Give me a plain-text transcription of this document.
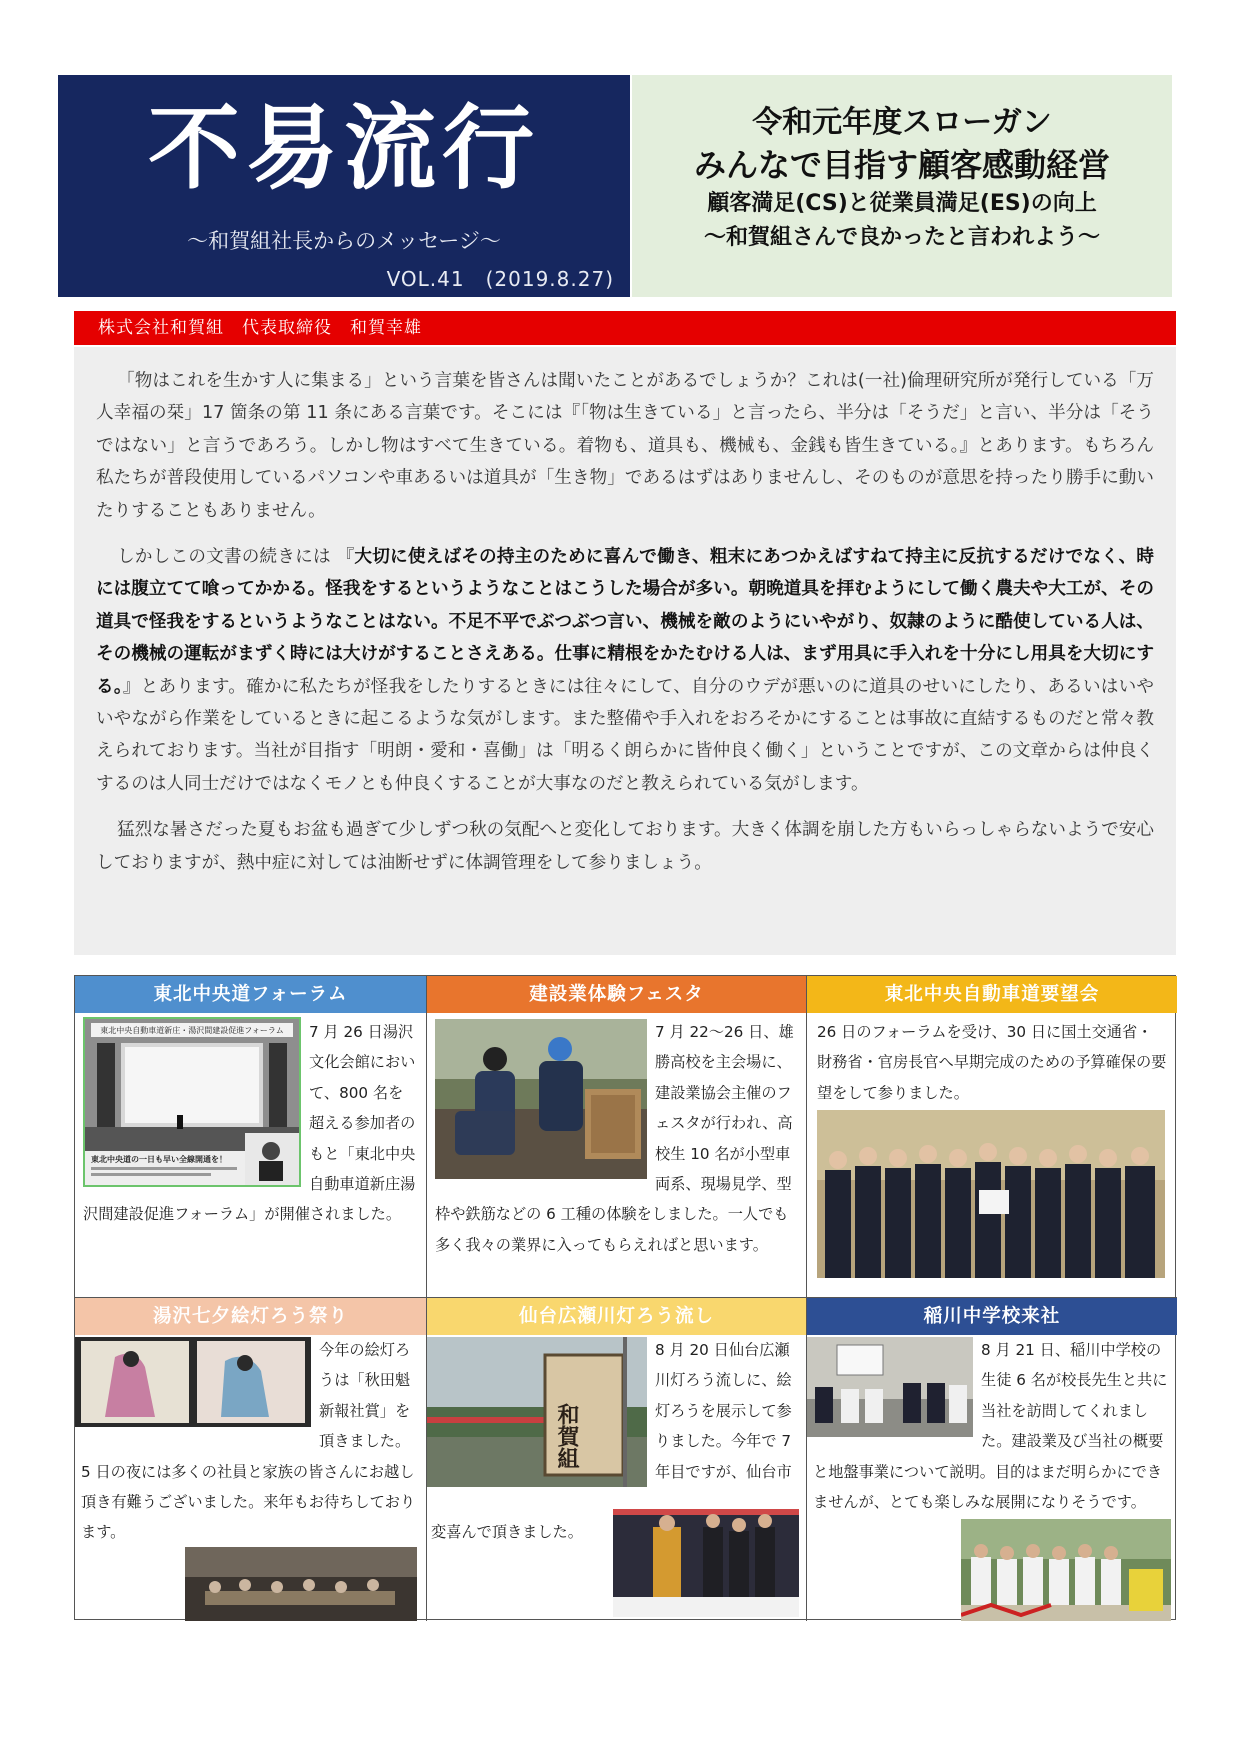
不易流行
～和賀組社長からのメッセージ～
VOL.41　(2019.8.27)
令和元年度スローガン
みんなで目指す顧客感動経営
顧客満足(CS)と従業員満足(ES)の向上
～和賀組さんで良かったと言われよう～
株式会社和賀組　代表取締役　和賀幸雄

「物はこれを生かす人に集まる」という言葉を皆さんは聞いたことがあるでしょうか？これは(一社)倫理研究所が発行している「万人幸福の栞」17 箇条の第 11 条にある言葉です。そこには『「物は生きている」と言ったら、半分は「そうだ」と言い、半分は「そうではない」と言うであろう。しかし物はすべて生きている。着物も、道具も、機械も、金銭も皆生きている。』とあります。もちろん私たちが普段使用しているパソコンや車あるいは道具が「生き物」であるはずはありませんし、そのものが意思を持ったり勝手に動いたりすることもありません。

しかしこの文書の続きには 『大切に使えばその持主のために喜んで働き、粗末にあつかえばすねて持主に反抗するだけでなく、時には腹立てて喰ってかかる。怪我をするというようなことはこうした場合が多い。朝晩道具を拝むようにして働く農夫や大工が、その道具で怪我をするというようなことはない。不足不平でぶつぶつ言い、機械を敵のようにいやがり、奴隷のように酷使している人は、その機械の運転がまずく時には大けがすることさえある。仕事に精根をかたむける人は、まず用具に手入れを十分にし用具を大切にする。』とあります。確かに私たちが怪我をしたりするときには往々にして、自分のウデが悪いのに道具のせいにしたり、あるいはいやいやながら作業をしているときに起こるような気がします。また整備や手入れをおろそかにすることは事故に直結するものだと常々教えられております。当社が目指す「明朗・愛和・喜働」は「明るく朗らかに皆仲良く働く」ということですが、この文章からは仲良くするのは人同士だけではなくモノとも仲良くすることが大事なのだと教えられている気がします。

猛烈な暑さだった夏もお盆も過ぎて少しずつ秋の気配へと変化しております。大きく体調を崩した方もいらっしゃらないようで安心しておりますが、熱中症に対しては油断せずに体調管理をして参りましょう。

東北中央道フォーラム
東北中央自動車道新庄・湯沢間建設促進フォーラム
東北中央道の一日も早い全線開通を！
7 月 26 日湯沢文化会館において、800 名を超える参加者のもと「東北中央自動車道新庄湯沢間建設促進フォーラム」が開催されました。
建設業体験フェスタ
7 月 22～26 日、雄勝高校を主会場に、建設業協会主催のフェスタが行われ、高校生 10 名が小型車両系、現場見学、型枠や鉄筋などの 6 工種の体験をしました。一人でも多く我々の業界に入ってもらえればと思います。
東北中央自動車道要望会
26 日のフォーラムを受け、30 日に国土交通省・財務省・官房長官へ早期完成のための予算確保の要望をして参りました。
湯沢七夕絵灯ろう祭り
今年の絵灯ろうは「秋田魁新報社賞」を頂きました。5 日の夜には多くの社員と家族の皆さんにお越し頂き有難うございました。来年もお待ちしております。
仙台広瀬川灯ろう流し
和賀組
8 月 20 日仙台広瀬川灯ろう流しに、絵灯ろうを展示して参りました。今年で 7 年目ですが、仙台市 変喜んで頂きました。
稲川中学校来社
8 月 21 日、稲川中学校の生徒 6 名が校長先生と共に当社を訪問してくれました。建設業及び当社の概要と地盤事業について説明。目的はまだ明らかにできませんが、とても楽しみな展開になりそうです。
